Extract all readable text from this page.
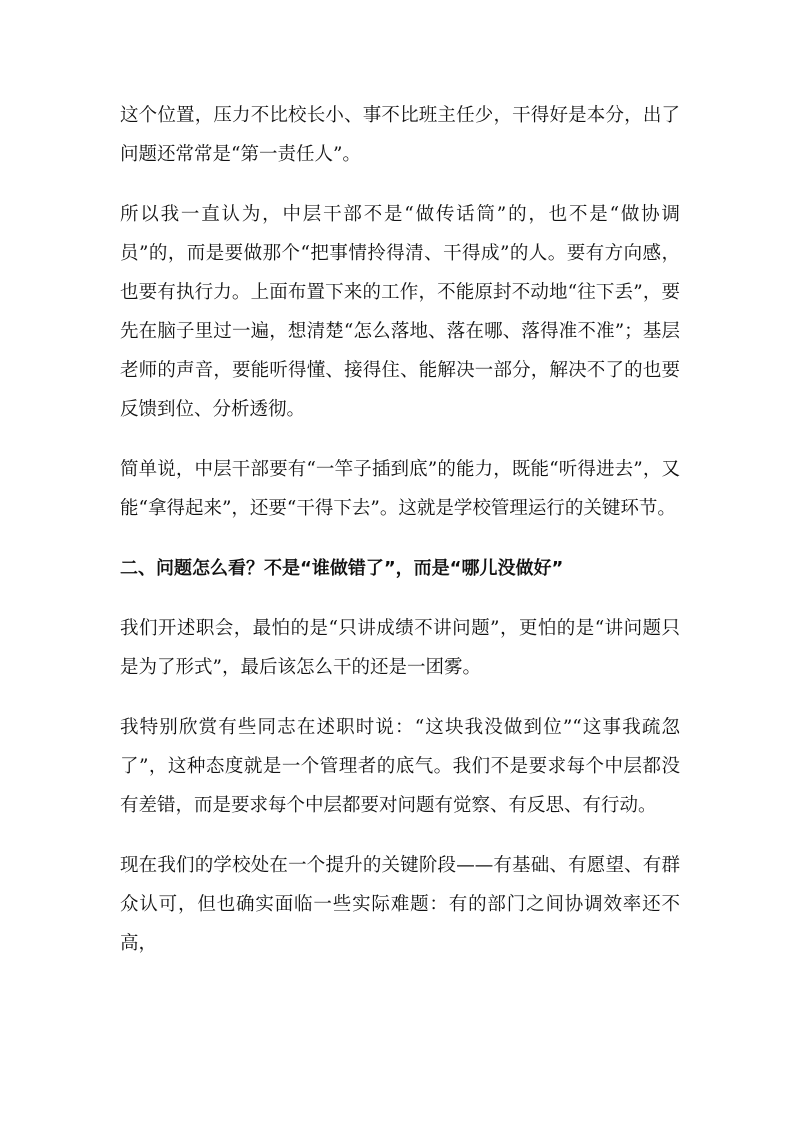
这个位置，压力不比校长小、事不比班主任少，干得好是本分，出了问题还常常是“第一责任人”。

所以我一直认为，中层干部不是“做传话筒”的，也不是“做协调员”的，而是要做那个“把事情拎得清、干得成”的人。要有方向感，也要有执行力。上面布置下来的工作，不能原封不动地“往下丢”，要先在脑子里过一遍，想清楚“怎么落地、落在哪、落得准不准”；基层老师的声音，要能听得懂、接得住、能解决一部分，解决不了的也要反馈到位、分析透彻。

简单说，中层干部要有“一竿子插到底”的能力，既能“听得进去”，又能“拿得起来”，还要“干得下去”。这就是学校管理运行的关键环节。

二、问题怎么看？不是“谁做错了”，而是“哪儿没做好”

我们开述职会，最怕的是“只讲成绩不讲问题”，更怕的是“讲问题只是为了形式”，最后该怎么干的还是一团雾。

我特别欣赏有些同志在述职时说：“这块我没做到位”“这事我疏忽了”，这种态度就是一个管理者的底气。我们不是要求每个中层都没有差错，而是要求每个中层都要对问题有觉察、有反思、有行动。

现在我们的学校处在一个提升的关键阶段——有基础、有愿望、有群众认可，但也确实面临一些实际难题：有的部门之间协调效率还不高，
